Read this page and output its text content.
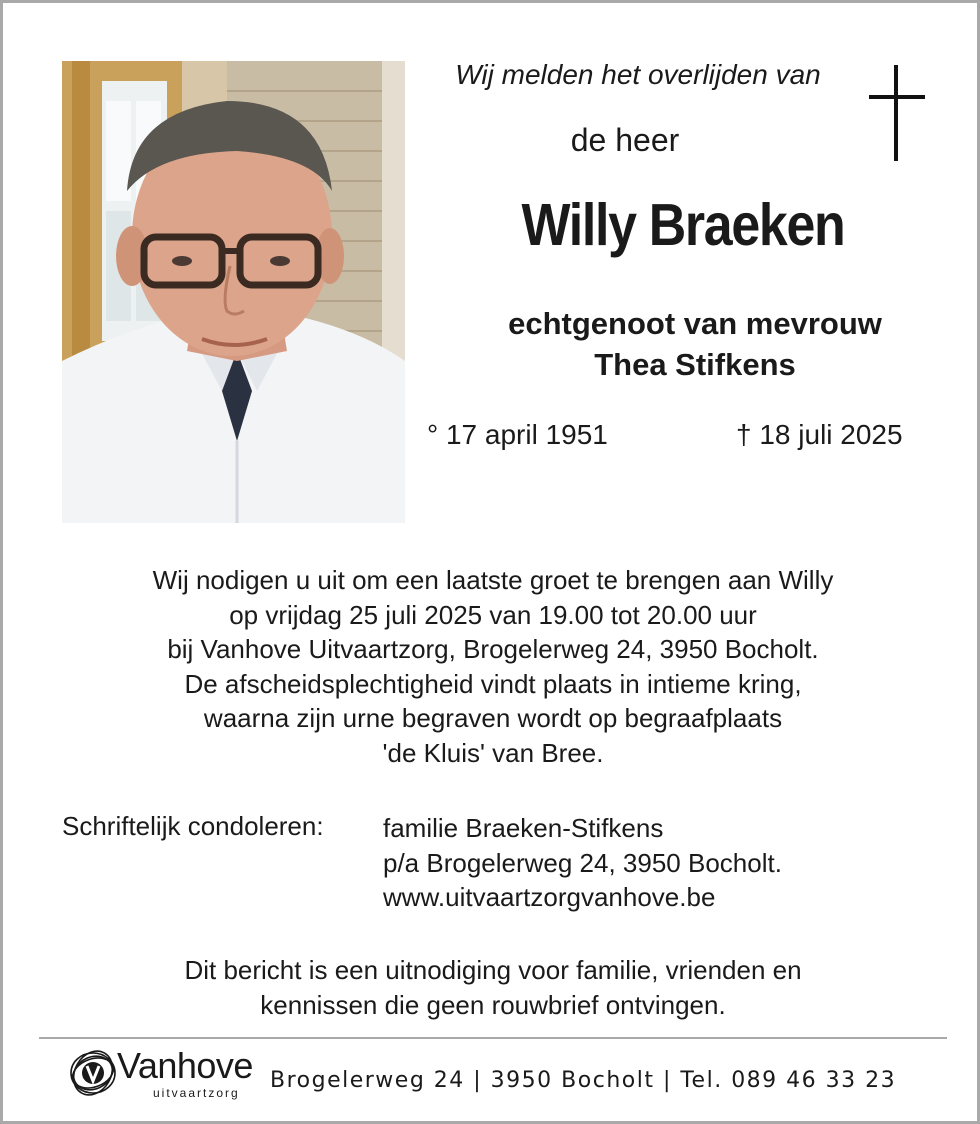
Wij melden het overlijden van
de heer
Willy Braeken
echtgenoot van mevrouw
Thea Stifkens
° 17 april 1951	† 18 juli 2025
Wij nodigen u uit om een laatste groet te brengen aan Willy
op vrijdag 25 juli 2025 van 19.00 tot 20.00 uur
bij Vanhove Uitvaartzorg, Brogelerweg 24, 3950 Bocholt.
De afscheidsplechtigheid vindt plaats in intieme kring,
waarna zijn urne begraven wordt op begraafplaats
'de Kluis' van Bree.
Schriftelijk condoleren: familie Braeken-Stifkens
p/a Brogelerweg 24, 3950 Bocholt.
www.uitvaartzorgvanhove.be
Dit bericht is een uitnodiging voor familie, vrienden en
kennissen die geen rouwbrief ontvingen.
Vanhove
uitvaartzorg Brogelerweg 24 | 3950 Bocholt | Tel. 089 46 33 23
